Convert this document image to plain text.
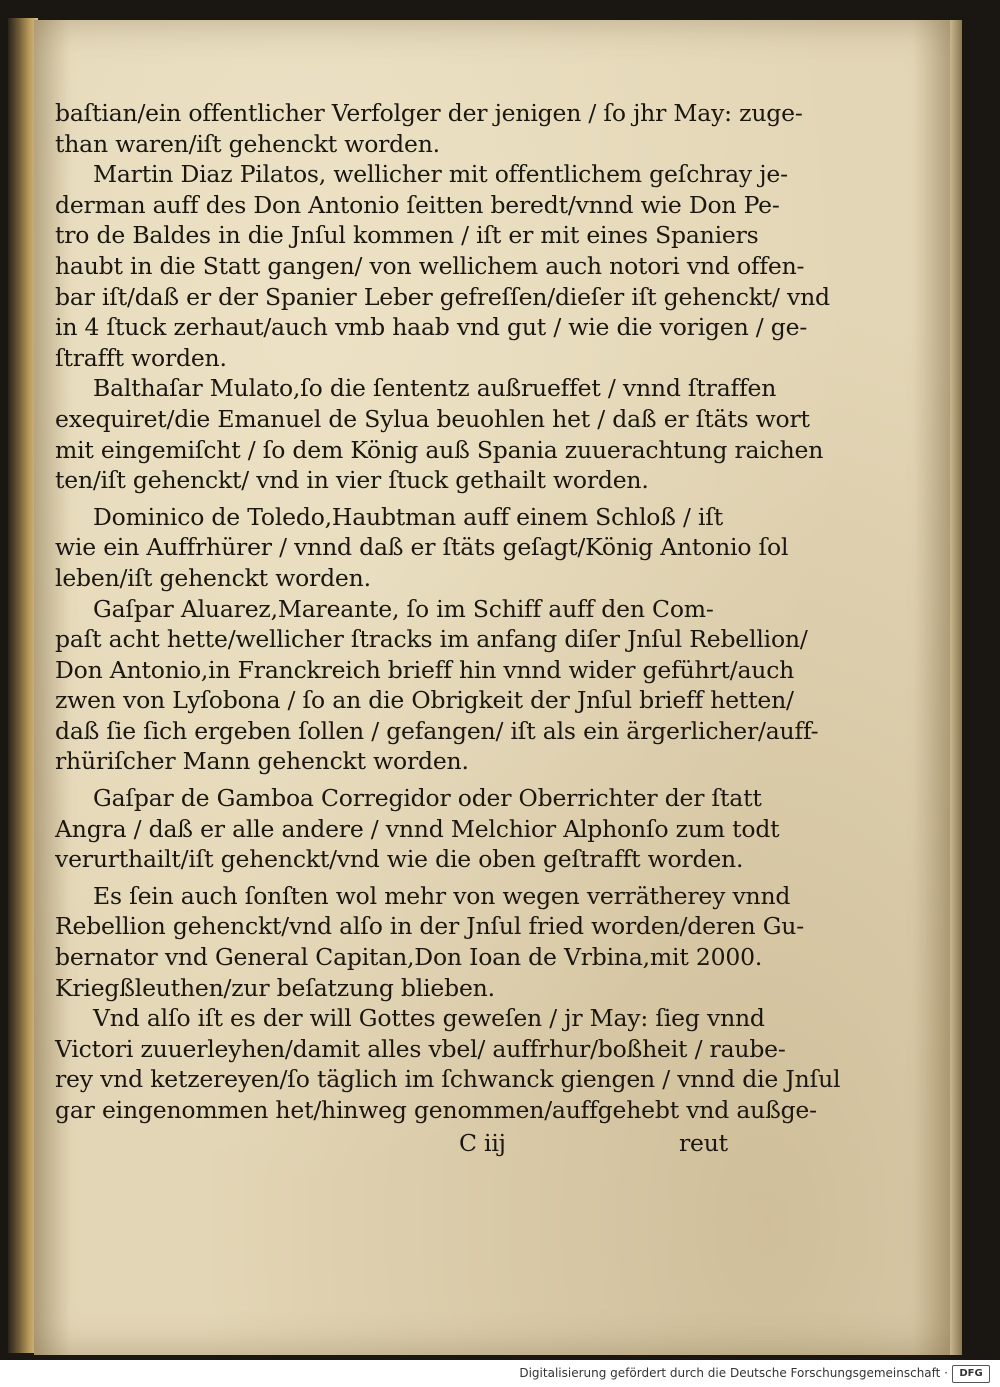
baſtian/ein offentlicher Verfolger der jenigen / ſo jhr May: zuge-
than waren/iſt gehenckt worden.
Martin Diaz Pilatos, wellicher mit offentlichem geſchray je-
derman auff des Don Antonio ſeitten beredt/vnnd wie Don Pe-
tro de Baldes in die Jnſul kommen / iſt er mit eines Spaniers
haubt in die Statt gangen/ von wellichem auch notori vnd offen-
bar iſt/daß er der Spanier Leber gefreſſen/dieſer iſt gehenckt/ vnd
in 4 ſtuck zerhaut/auch vmb haab vnd gut / wie die vorigen / ge-
ſtrafft worden.
Balthaſar Mulato,ſo die ſententz außrueffet / vnnd ſtraffen
exequiret/die Emanuel de Sylua beuohlen het / daß er ſtäts wort
mit eingemiſcht / ſo dem König auß Spania zuuerachtung raichen
ten/iſt gehenckt/ vnd in vier ſtuck gethailt worden.
Dominico de Toledo,Haubtman auff einem Schloß / iſt
wie ein Auffrhürer / vnnd daß er ſtäts geſagt/König Antonio ſol
leben/iſt gehenckt worden.
Gaſpar Aluarez,Mareante, ſo im Schiff auff den Com-
paſt acht hette/wellicher ſtracks im anfang diſer Jnſul Rebellion/
Don Antonio,in Franckreich brieff hin vnnd wider geführt/auch
zwen von Lyſobona / ſo an die Obrigkeit der Jnſul brieff hetten/
daß ſie ſich ergeben ſollen / gefangen/ iſt als ein ärgerlicher/auff-
rhüriſcher Mann gehenckt worden.
Gaſpar de Gamboa Corregidor oder Oberrichter der ſtatt
Angra / daß er alle andere / vnnd Melchior Alphonſo zum todt
verurthailt/iſt gehenckt/vnd wie die oben geſtrafft worden.
Es ſein auch ſonſten wol mehr von wegen verrätherey vnnd
Rebellion gehenckt/vnd alſo in der Jnſul fried worden/deren Gu-
bernator vnd General Capitan,Don Ioan de Vrbina,mit 2000.
Kriegßleuthen/zur beſatzung blieben.
Vnd alſo iſt es der will Gottes geweſen / jr May: ſieg vnnd
Victori zuuerleyhen/damit alles vbel/ auffrhur/boßheit / raube-
rey vnd ketzereyen/ſo täglich im ſchwanck giengen / vnnd die Jnſul
gar eingenommen het/hinweg genommen/auffgehebt vnd außge-
C iij	reut
Digitalisierung gefördert durch die Deutsche Forschungsgemeinschaft ·	DFG
